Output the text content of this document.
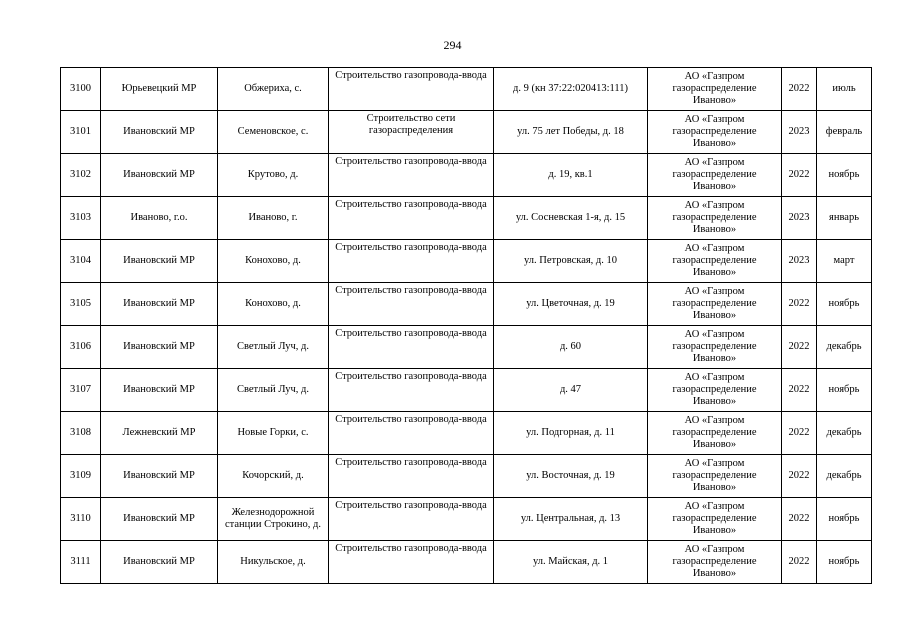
294
3100	Юрьевецкий МР	Обжериха, с.	Строительство газопровода-ввода	д. 9 (кн 37:22:020413:111)	АО «Газпром газораспределение Иваново»	2022	июль
3101	Ивановский МР	Семеновское, с.	Строительство сети газораспределения	ул. 75 лет Победы, д. 18	АО «Газпром газораспределение Иваново»	2023	февраль
3102	Ивановский МР	Крутово, д.	Строительство газопровода-ввода	д. 19, кв.1	АО «Газпром газораспределение Иваново»	2022	ноябрь
3103	Иваново, г.о.	Иваново, г.	Строительство газопровода-ввода	ул. Сосневская 1-я, д. 15	АО «Газпром газораспределение Иваново»	2023	январь
3104	Ивановский МР	Конохово, д.	Строительство газопровода-ввода	ул. Петровская, д. 10	АО «Газпром газораспределение Иваново»	2023	март
3105	Ивановский МР	Конохово, д.	Строительство газопровода-ввода	ул. Цветочная, д. 19	АО «Газпром газораспределение Иваново»	2022	ноябрь
3106	Ивановский МР	Светлый Луч, д.	Строительство газопровода-ввода	д. 60	АО «Газпром газораспределение Иваново»	2022	декабрь
3107	Ивановский МР	Светлый Луч, д.	Строительство газопровода-ввода	д. 47	АО «Газпром газораспределение Иваново»	2022	ноябрь
3108	Лежневский МР	Новые Горки, с.	Строительство газопровода-ввода	ул. Подгорная, д. 11	АО «Газпром газораспределение Иваново»	2022	декабрь
3109	Ивановский МР	Кочорский, д.	Строительство газопровода-ввода	ул. Восточная, д. 19	АО «Газпром газораспределение Иваново»	2022	декабрь
3110	Ивановский МР	Железнодорожной станции Строкино, д.	Строительство газопровода-ввода	ул. Центральная, д. 13	АО «Газпром газораспределение Иваново»	2022	ноябрь
3111	Ивановский МР	Никульское, д.	Строительство газопровода-ввода	ул. Майская, д. 1	АО «Газпром газораспределение Иваново»	2022	ноябрь
